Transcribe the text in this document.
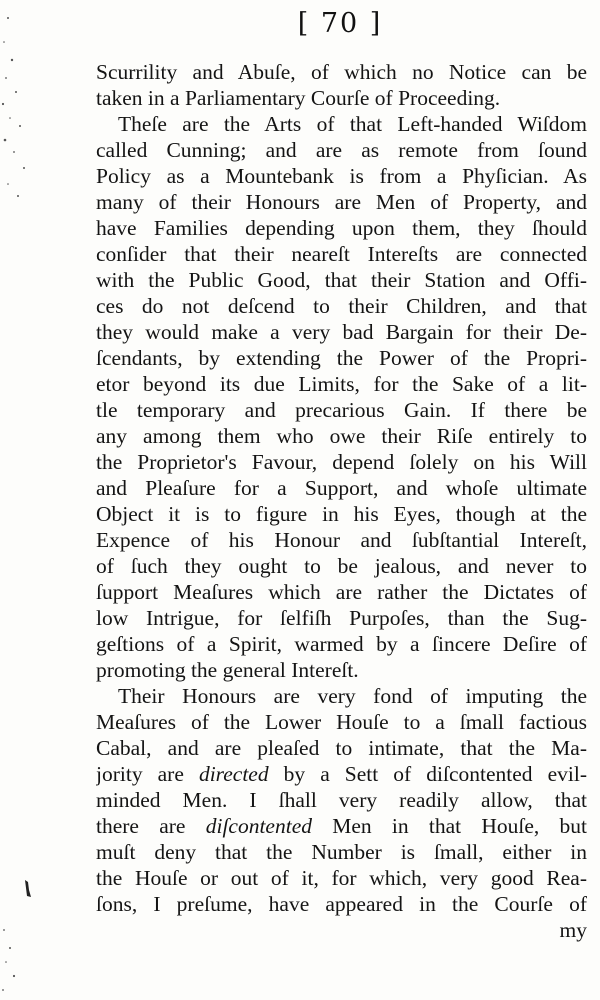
[ 70 ]
Scurrility and Abuſe, of which no Notice can be
taken in a Parliamentary Courſe of Proceeding.
Theſe are the Arts of that Left-handed Wiſdom
called Cunning; and are as remote from ſound
Policy as a Mountebank is from a Phyſician. As
many of their Honours are Men of Property, and
have Families depending upon them, they ſhould
conſider that their neareſt Intereſts are connected
with the Public Good, that their Station and Offi-
ces do not deſcend to their Children, and that
they would make a very bad Bargain for their De-
ſcendants, by extending the Power of the Propri-
etor beyond its due Limits, for the Sake of a lit-
tle temporary and precarious Gain. If there be
any among them who owe their Riſe entirely to
the Proprietor's Favour, depend ſolely on his Will
and Pleaſure for a Support, and whoſe ultimate
Object it is to figure in his Eyes, though at the
Expence of his Honour and ſubſtantial Intereſt,
of ſuch they ought to be jealous, and never to
ſupport Meaſures which are rather the Dictates of
low Intrigue, for ſelfiſh Purpoſes, than the Sug-
geſtions of a Spirit, warmed by a ſincere Deſire of
promoting the general Intereſt.
Their Honours are very fond of imputing the
Meaſures of the Lower Houſe to a ſmall factious
Cabal, and are pleaſed to intimate, that the Ma-
jority are directed by a Sett of diſcontented evil-
minded Men. I ſhall very readily allow, that
there are diſcontented Men in that Houſe, but
muſt deny that the Number is ſmall, either in
the Houſe or out of it, for which, very good Rea-
ſons, I preſume, have appeared in the Courſe of
my
